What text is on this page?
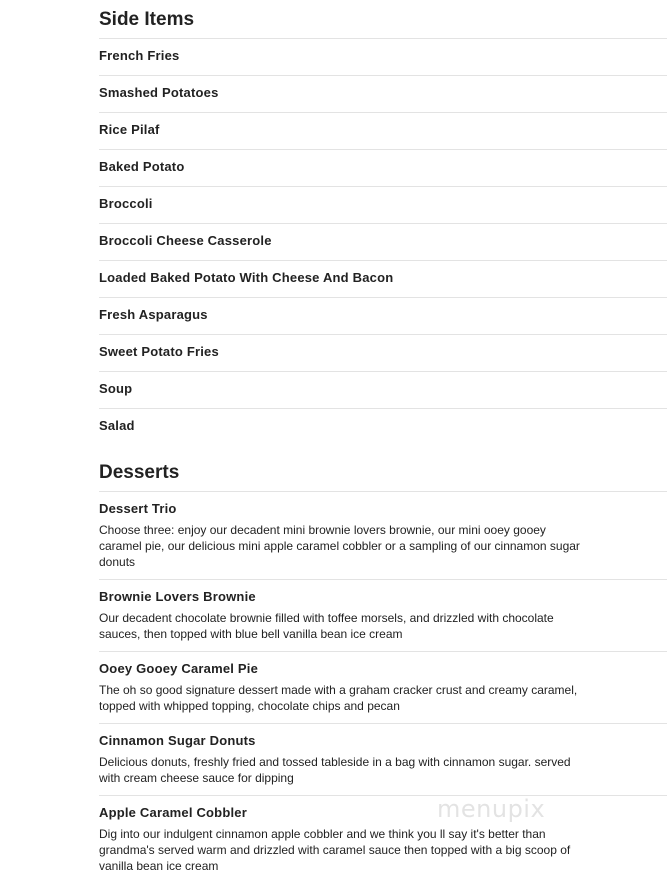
Side Items
French Fries
Smashed Potatoes
Rice Pilaf
Baked Potato
Broccoli
Broccoli Cheese Casserole
Loaded Baked Potato With Cheese And Bacon
Fresh Asparagus
Sweet Potato Fries
Soup
Salad
Desserts
Dessert Trio
Choose three: enjoy our decadent mini brownie lovers brownie, our mini ooey gooey caramel pie, our delicious mini apple caramel cobbler or a sampling of our cinnamon sugar donuts
Brownie Lovers Brownie
Our decadent chocolate brownie filled with toffee morsels, and drizzled with chocolate sauces, then topped with blue bell vanilla bean ice cream
Ooey Gooey Caramel Pie
The oh so good signature dessert made with a graham cracker crust and creamy caramel, topped with whipped topping, chocolate chips and pecan
Cinnamon Sugar Donuts
Delicious donuts, freshly fried and tossed tableside in a bag with cinnamon sugar. served with cream cheese sauce for dipping
Apple Caramel Cobbler
Dig into our indulgent cinnamon apple cobbler and we think you ll say it's better than grandma's served warm and drizzled with caramel sauce then topped with a big scoop of vanilla bean ice cream
menupix
